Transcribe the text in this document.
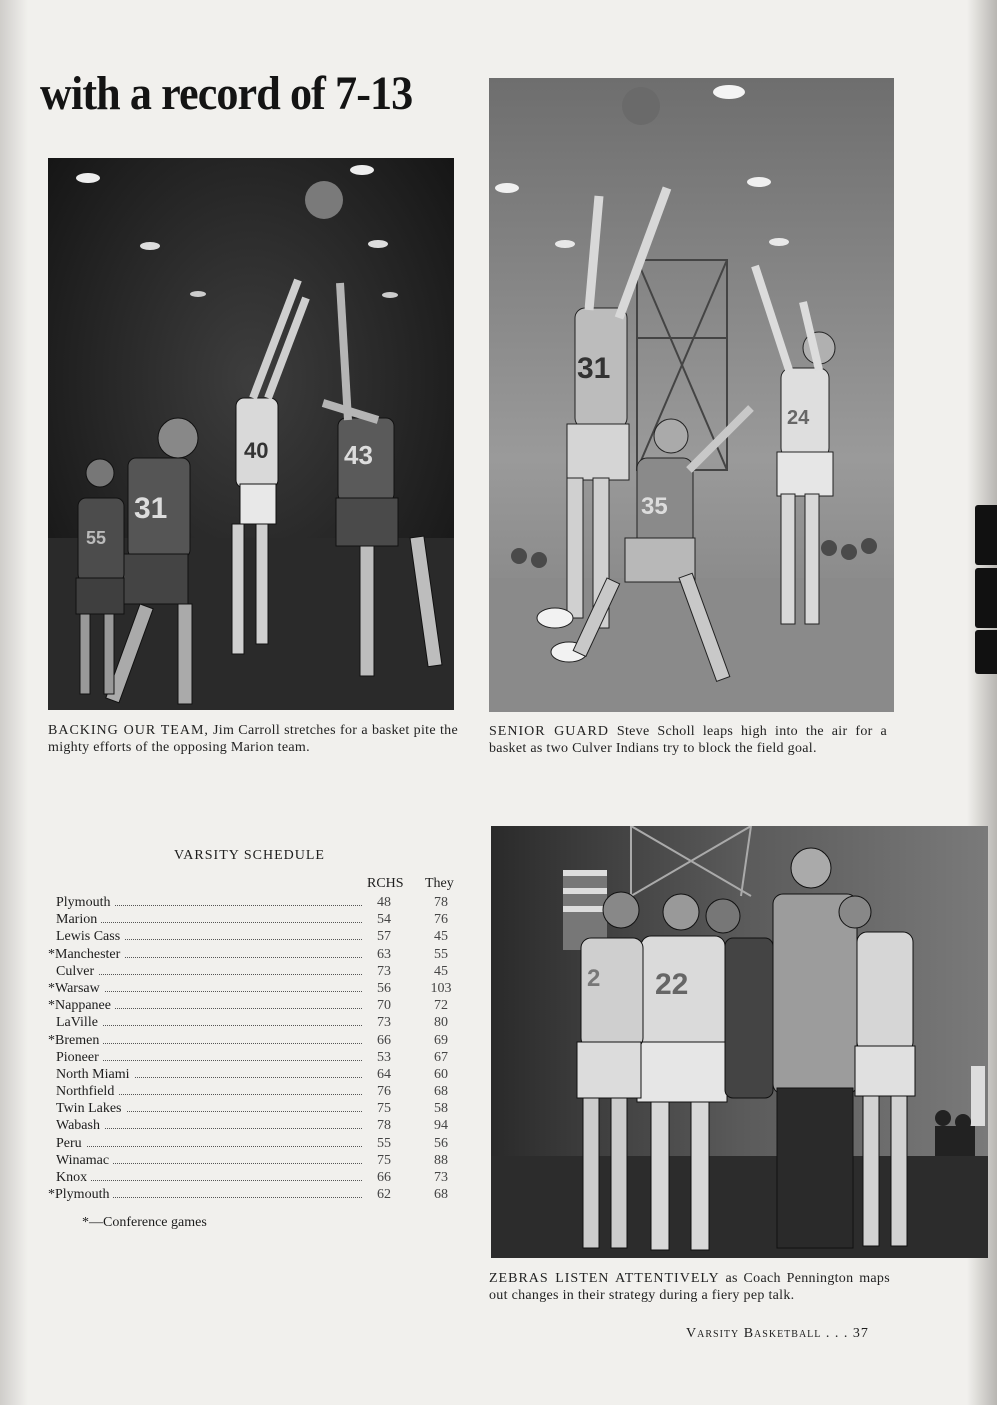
with a record of 7-13
40	43
31
55
31
35
24
BACKING OUR TEAM, Jim Carroll stretches for a basket pite the mighty efforts of the opposing Marion team.
SENIOR GUARD Steve Scholl leaps high into the air for a basket as two Culver Indians try to block the field goal.
VARSITY SCHEDULE
RCHS They
Plymouth	48	78
Marion	54	76
Lewis Cass	57	45
*Manchester	63	55
Culver	73	45
*Warsaw	56	103
*Nappanee	70	72
LaVille	73	80
*Bremen	66	69
Pioneer	53	67
North Miami	64	60
Northfield	76	68
Twin Lakes	75	58
Wabash	78	94
Peru	55	56
Winamac	75	88
Knox	66	73
*Plymouth	62	68
*—Conference games
22
2
ZEBRAS LISTEN ATTENTIVELY as Coach Pennington maps out changes in their strategy during a fiery pep talk.
Varsity Basketball . . . 37
